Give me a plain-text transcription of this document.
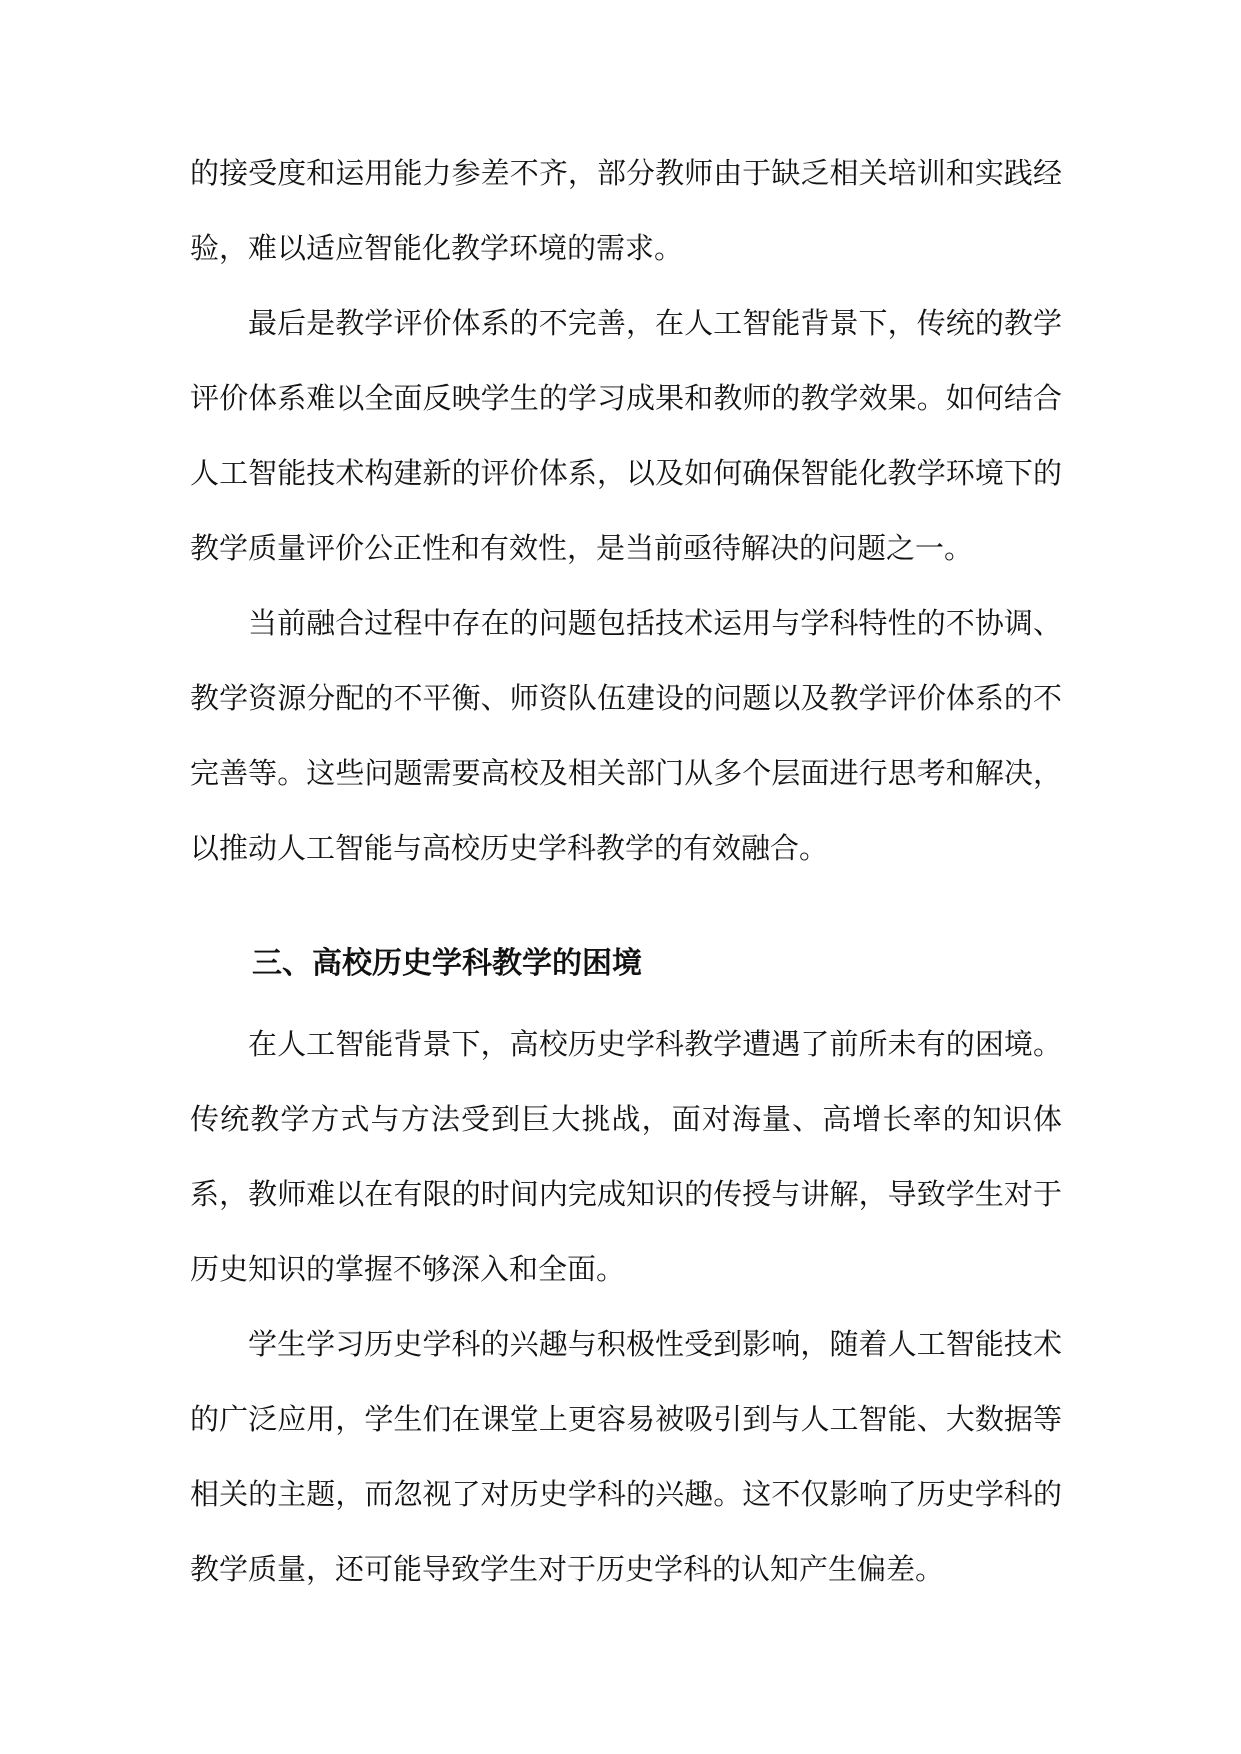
的接受度和运用能力参差不齐，部分教师由于缺乏相关培训和实践经验，难以适应智能化教学环境的需求。

最后是教学评价体系的不完善，在人工智能背景下，传统的教学评价体系难以全面反映学生的学习成果和教师的教学效果。如何结合人工智能技术构建新的评价体系，以及如何确保智能化教学环境下的教学质量评价公正性和有效性，是当前亟待解决的问题之一。

当前融合过程中存在的问题包括技术运用与学科特性的不协调、教学资源分配的不平衡、师资队伍建设的问题以及教学评价体系的不完善等。这些问题需要高校及相关部门从多个层面进行思考和解决，以推动人工智能与高校历史学科教学的有效融合。

三、高校历史学科教学的困境

在人工智能背景下，高校历史学科教学遭遇了前所未有的困境。传统教学方式与方法受到巨大挑战，面对海量、高增长率的知识体系，教师难以在有限的时间内完成知识的传授与讲解，导致学生对于历史知识的掌握不够深入和全面。

学生学习历史学科的兴趣与积极性受到影响，随着人工智能技术的广泛应用，学生们在课堂上更容易被吸引到与人工智能、大数据等相关的主题，而忽视了对历史学科的兴趣。这不仅影响了历史学科的教学质量，还可能导致学生对于历史学科的认知产生偏差。
